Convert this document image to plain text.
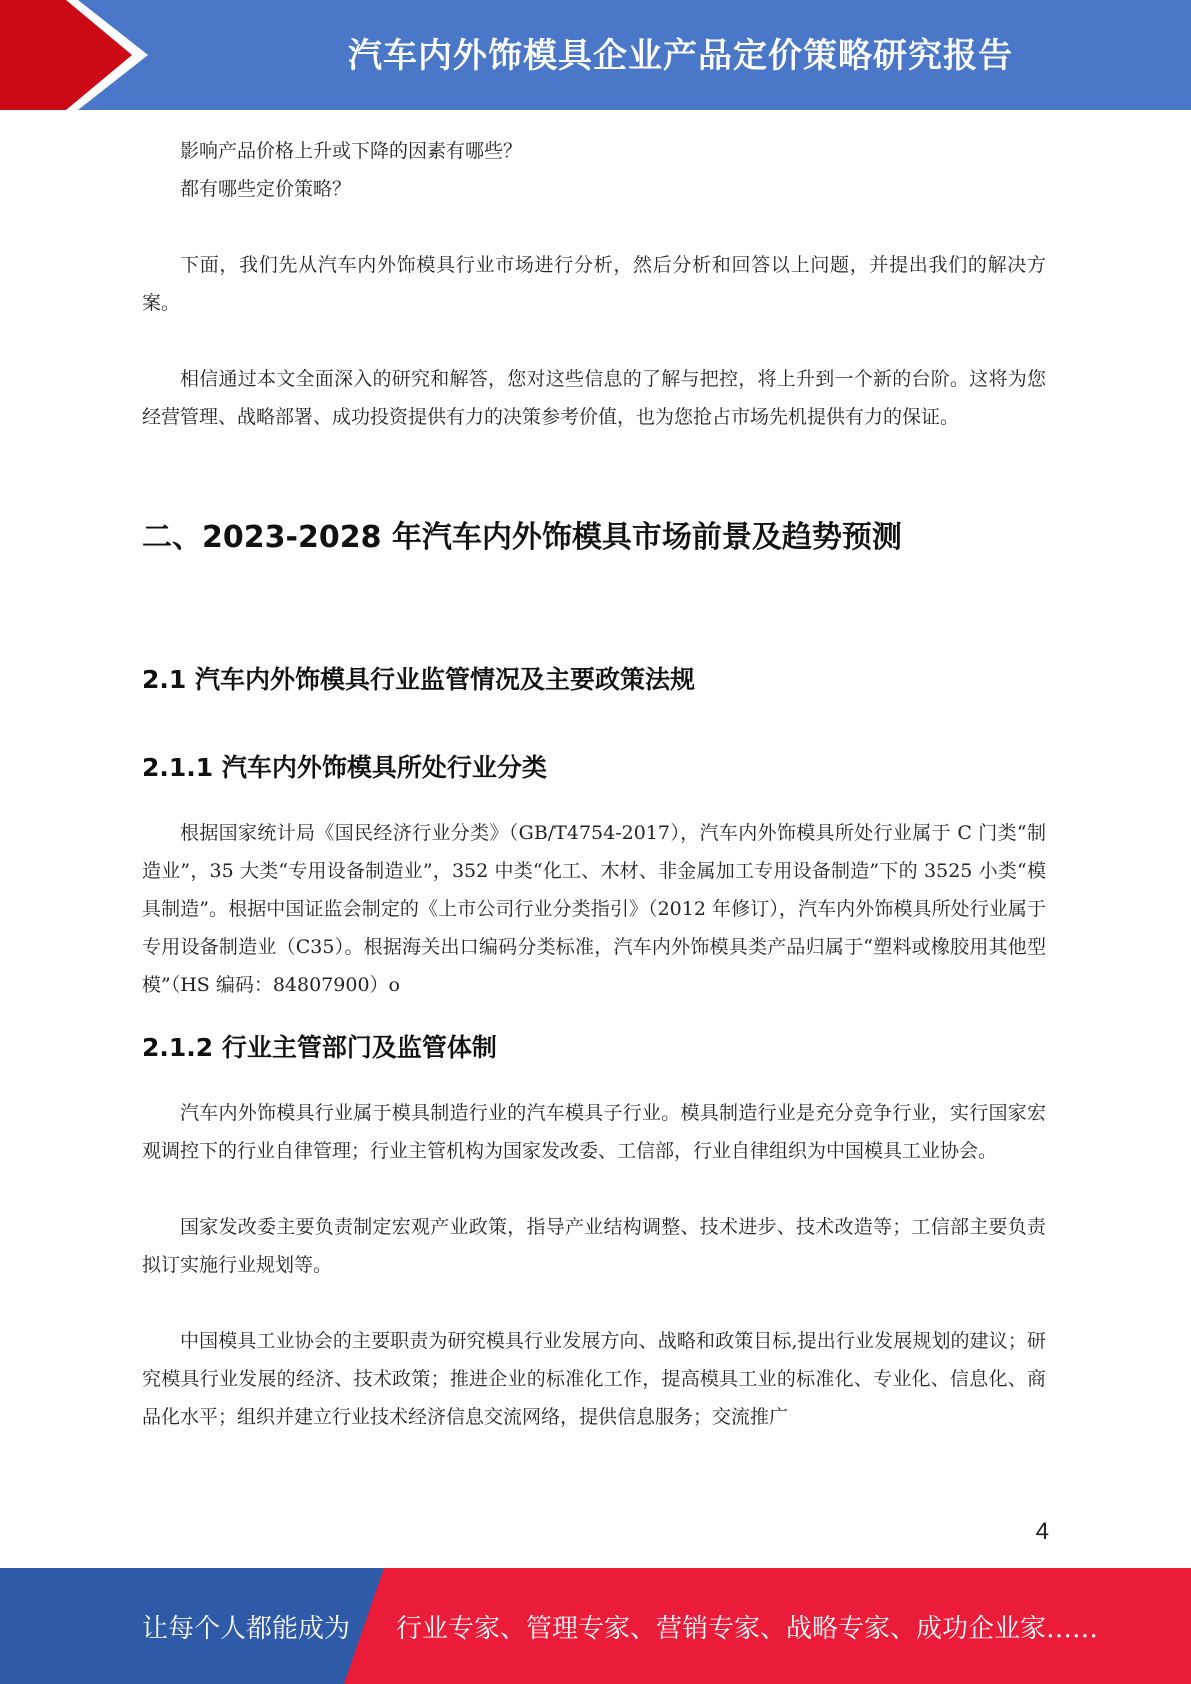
汽车内外饰模具企业产品定价策略研究报告

影响产品价格上升或下降的因素有哪些？

都有哪些定价策略？

下面，我们先从汽车内外饰模具行业市场进行分析，然后分析和回答以上问题，并提出我们的解决方案。

相信通过本文全面深入的研究和解答，您对这些信息的了解与把控，将上升到一个新的台阶。这将为您经营管理、战略部署、成功投资提供有力的决策参考价值，也为您抢占市场先机提供有力的保证。

二、2023-2028 年汽车内外饰模具市场前景及趋势预测
2.1 汽车内外饰模具行业监管情况及主要政策法规
2.1.1 汽车内外饰模具所处行业分类

根据国家统计局《国民经济行业分类》（GB/T4754-2017），汽车内外饰模具所处行业属于 C 门类“制造业”，35 大类“专用设备制造业”，352 中类“化工、木材、非金属加工专用设备制造”下的 3525 小类“模具制造”。根据中国证监会制定的《上市公司行业分类指引》（2012 年修订），汽车内外饰模具所处行业属于专用设备制造业（C35）。根据海关出口编码分类标准，汽车内外饰模具类产品归属于“塑料或橡胶用其他型模”（HS 编码：84807900）o

2.1.2 行业主管部门及监管体制

汽车内外饰模具行业属于模具制造行业的汽车模具子行业。模具制造行业是充分竞争行业，实行国家宏观调控下的行业自律管理；行业主管机构为国家发改委、工信部，行业自律组织为中国模具工业协会。

国家发改委主要负责制定宏观产业政策，指导产业结构调整、技术进步、技术改造等；工信部主要负责拟订实施行业规划等。

中国模具工业协会的主要职责为研究模具行业发展方向、战略和政策目标,提出行业发展规划的建议；研究模具行业发展的经济、技术政策；推进企业的标准化工作，提高模具工业的标准化、专业化、信息化、商品化水平；组织并建立行业技术经济信息交流网络，提供信息服务；交流推广

4
让每个人都能成为 行业专家、管理专家、营销专家、战略专家、成功企业家……
